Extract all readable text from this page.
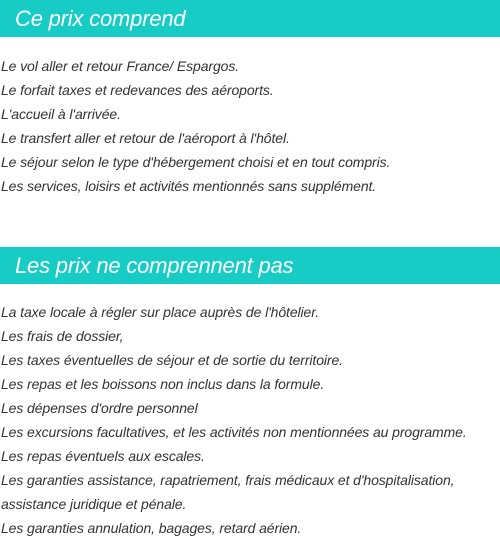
Ce prix comprend
Le vol aller et retour France/ Espargos.
Le forfait taxes et redevances des aéroports.
L'accueil à l'arrivée.
Le transfert aller et retour de l'aéroport à l'hôtel.
Le séjour selon le type d'hébergement choisi et en tout compris.
Les services, loisirs et activités mentionnés sans supplément.
Les prix ne comprennent pas
La taxe locale à régler sur place auprès de l'hôtelier.
Les frais de dossier,
Les taxes éventuelles de séjour et de sortie du territoire.
Les repas et les boissons non inclus dans la formule.
Les dépenses d'ordre personnel
Les excursions facultatives, et les activités non mentionnées au programme.
Les repas éventuels aux escales.
Les garanties assistance, rapatriement, frais médicaux et d'hospitalisation,
assistance juridique et pénale.
Les garanties annulation, bagages, retard aérien.
